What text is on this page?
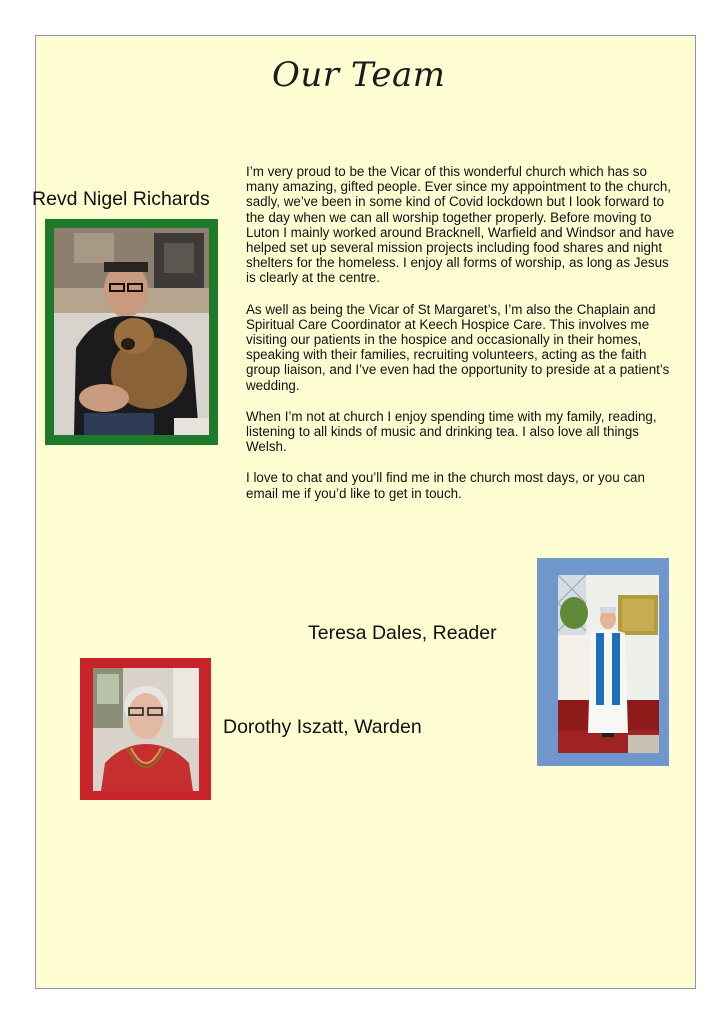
Our Team
Revd Nigel Richards

I’m very proud to be the Vicar of this wonderful church which has so many amazing, gifted people. Ever since my appointment to the church, sadly, we’ve been in some kind of Covid lockdown but I look forward to the day when we can all worship together properly. Before moving to Luton I mainly worked around Bracknell, Warfield and Windsor and have helped set up several mission projects including food shares and night shelters for the homeless. I enjoy all forms of worship, as long as Jesus is clearly at the centre.

As well as being the Vicar of St Margaret’s, I’m also the Chaplain and Spiritual Care Coordinator at Keech Hospice Care. This involves me visiting our patients in the hospice and occasionally in their homes, speaking with their families, recruiting volunteers, acting as the faith group liaison, and I’ve even had the opportunity to preside at a patient’s wedding.

When I’m not at church I enjoy spending time with my family, reading, listening to all kinds of music and drinking tea. I also love all things Welsh.

I love to chat and you’ll find me in the church most days, or you can email me if you’d like to get in touch.

Teresa Dales, Reader
Dorothy Iszatt, Warden
